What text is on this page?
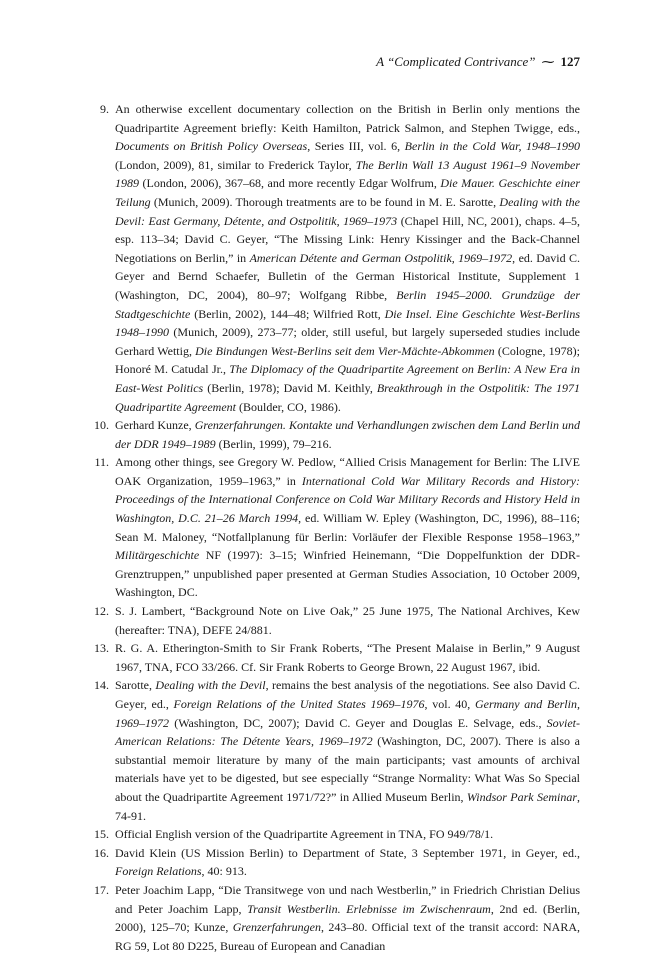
A “Complicated Contrivance” ⁓ 127

9. An otherwise excellent documentary collection on the British in Berlin only mentions the Quadripartite Agreement briefly: Keith Hamilton, Patrick Salmon, and Stephen Twigge, eds., Documents on British Policy Overseas, Series III, vol. 6, Berlin in the Cold War, 1948–1990 (London, 2009), 81, similar to Frederick Taylor, The Berlin Wall 13 August 1961–9 November 1989 (London, 2006), 367–68, and more recently Edgar Wolfrum, Die Mauer. Geschichte einer Teilung (Munich, 2009). Thorough treatments are to be found in M. E. Sarotte, Dealing with the Devil: East Germany, Détente, and Ostpolitik, 1969–1973 (Chapel Hill, NC, 2001), chaps. 4–5, esp. 113–34; David C. Geyer, “The Missing Link: Henry Kissinger and the Back-Channel Negotiations on Berlin,” in American Détente and German Ostpolitik, 1969–1972, ed. David C. Geyer and Bernd Schaefer, Bulletin of the German Historical Institute, Supplement 1 (Washington, DC, 2004), 80–97; Wolfgang Ribbe, Berlin 1945–2000. Grundzüge der Stadtgeschichte (Berlin, 2002), 144–48; Wilfried Rott, Die Insel. Eine Geschichte West-Berlins 1948–1990 (Munich, 2009), 273–77; older, still useful, but largely superseded studies include Gerhard Wettig, Die Bindungen West-Berlins seit dem Vier-Mächte-Abkommen (Cologne, 1978); Honoré M. Catudal Jr., The Diplomacy of the Quadripartite Agreement on Berlin: A New Era in East-West Politics (Berlin, 1978); David M. Keithly, Breakthrough in the Ostpolitik: The 1971 Quadripartite Agreement (Boulder, CO, 1986).

10. Gerhard Kunze, Grenzerfahrungen. Kontakte und Verhandlungen zwischen dem Land Berlin und der DDR 1949–1989 (Berlin, 1999), 79–216.

11. Among other things, see Gregory W. Pedlow, “Allied Crisis Management for Berlin: The LIVE OAK Organization, 1959–1963,” in International Cold War Military Records and History: Proceedings of the International Conference on Cold War Military Records and History Held in Washington, D.C. 21–26 March 1994, ed. William W. Epley (Washington, DC, 1996), 88–116; Sean M. Maloney, “Notfallplanung für Berlin: Vorläufer der Flexible Response 1958–1963,” Militärgeschichte NF (1997): 3–15; Winfried Heinemann, “Die Doppelfunktion der DDR-Grenztruppen,” unpublished paper presented at German Studies Association, 10 October 2009, Washington, DC.

12. S. J. Lambert, “Background Note on Live Oak,” 25 June 1975, The National Archives, Kew (hereafter: TNA), DEFE 24/881.

13. R. G. A. Etherington-Smith to Sir Frank Roberts, “The Present Malaise in Berlin,” 9 August 1967, TNA, FCO 33/266. Cf. Sir Frank Roberts to George Brown, 22 August 1967, ibid.

14. Sarotte, Dealing with the Devil, remains the best analysis of the negotiations. See also David C. Geyer, ed., Foreign Relations of the United States 1969–1976, vol. 40, Germany and Berlin, 1969–1972 (Washington, DC, 2007); David C. Geyer and Douglas E. Selvage, eds., Soviet-American Relations: The Détente Years, 1969–1972 (Washington, DC, 2007). There is also a substantial memoir literature by many of the main participants; vast amounts of archival materials have yet to be digested, but see especially “Strange Normality: What Was So Special about the Quadripartite Agreement 1971/72?” in Allied Museum Berlin, Windsor Park Seminar, 74-91.

15. Official English version of the Quadripartite Agreement in TNA, FO 949/78/1.

16. David Klein (US Mission Berlin) to Department of State, 3 September 1971, in Geyer, ed., Foreign Relations, 40: 913.

17. Peter Joachim Lapp, “Die Transitwege von und nach Westberlin,” in Friedrich Christian Delius and Peter Joachim Lapp, Transit Westberlin. Erlebnisse im Zwischenraum, 2nd ed. (Berlin, 2000), 125–70; Kunze, Grenzerfahrungen, 243–80. Official text of the transit accord: NARA, RG 59, Lot 80 D225, Bureau of European and Canadian
